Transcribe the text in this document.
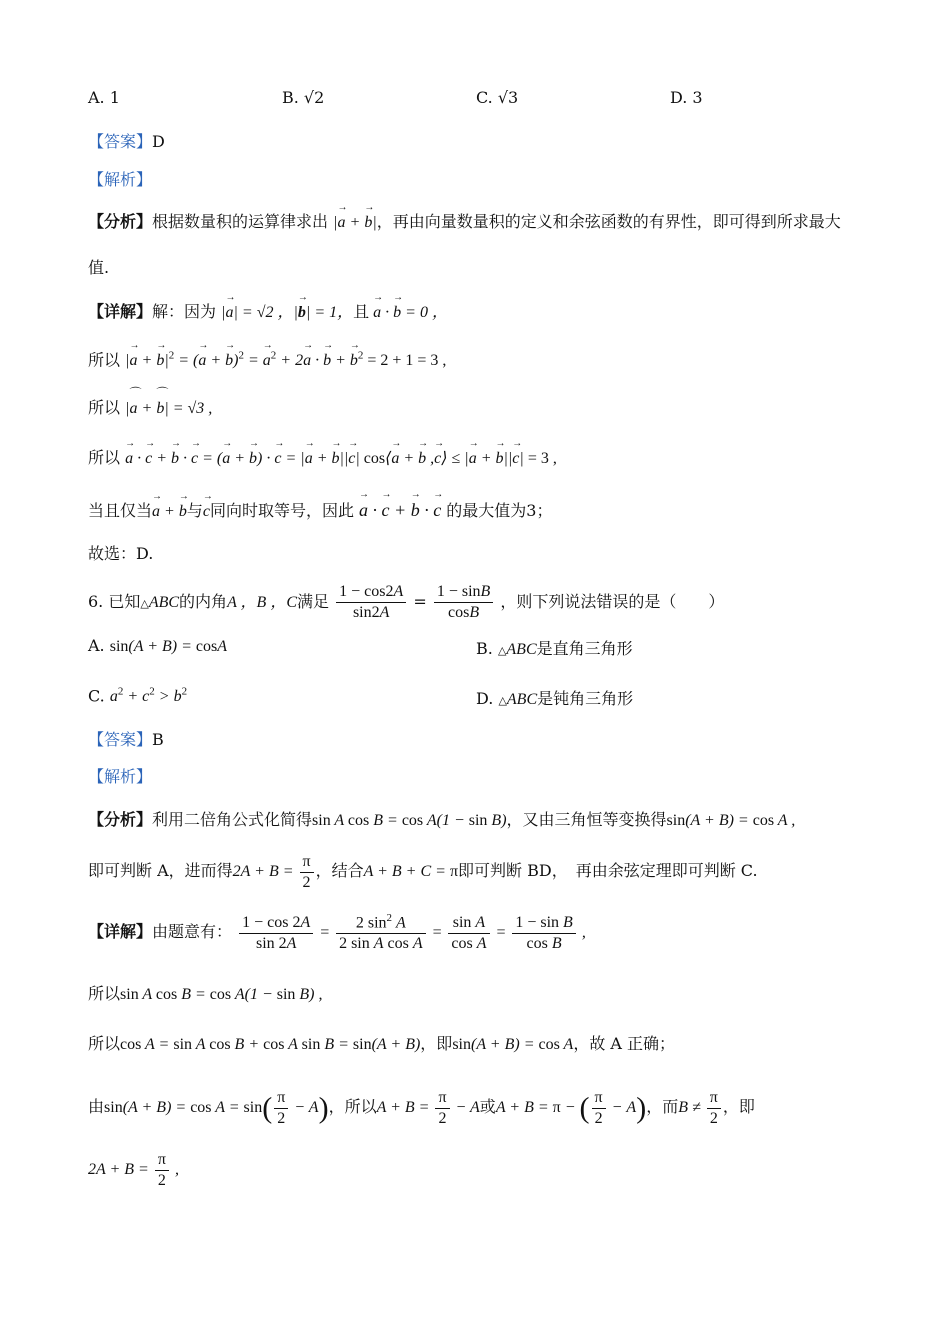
A. 1	B. √2	C. √3	D. 3
【答案】D
【解析】
【分析】根据数量积的运算律求出 |→ a + → b|，再由向量数量积的定义和余弦函数的有界性，即可得到所求最大
值.
【详解】解：因为 |→ a| = √2 ，|→ b| = 1，且 → a · → b = 0 ，
所以 |→ a + → $b|^2$ = (→ a + → b)$^2$ = → $a^2 + 2\to a$ · → b + → $b^2 = 2 + 1 = 3$ ,
所以 |⌒ a + ⌒ b| = √3 ,
所以 → a · → c + → b · → c = (→ a + → b) · → c = |→ a + → b||→ c| cos⟨→ a + → b ,→ c⟩ ≤ |→ a + → b||→ c| = 3 ,
当且仅当→ a + → b与→ c同向时取等号，因此 → a · → c + → b · → c 的最大值为3；
故选：D.
6. 已知△ABC的内角A ，B ，C满足 $\frac{1 - \cos 2A}{\sin 2A} = \frac{1 - \sin B}{\cos B}$ ，则下列说法错误的是（　　）
A. sin(A + B) = cosA	B. △ABC是直角三角形
C. $a^2 + c^2 > b^2$	D. △ABC是钝角三角形
【答案】B
【解析】
【分析】利用二倍角公式化简得sin A cos B = cos A(1 − sin B)，又由三角恒等变换得sin(A + B) = cos A ,
即可判断 A，进而得$2A + B = \frac{\pi}{2}$ ，结合A + B + C = π即可判断 BD，　再由余弦定理即可判断 C.
【详解】由题意有： $\frac{1 - \cos 2A}{\sin 2A} = \frac{2 \sin^2 A}{\text{2 sin A cos A}} = \frac{\text{sin A}}{\text{cos A}} = \frac{\text{1 − sin B}}{\text{cos B}}$ ,
所以sin A cos B = cos A(1 − sin B) ,
所以cos A = sin A cos B + cos A sin B = sin(A + B)，即sin(A + B) = cos A，故 A 正确；
由$\sin(A + B) = \cos A = \sin( \frac{\pi}{2} - A)$，所以$A + B = \frac{\pi}{2} - A$或A + B = π − ( $\frac{\pi}{2} - A$)，而$B \ne \frac{\pi}{2}$ ，即
$2A + B = \frac{\pi}{2}$ ,
